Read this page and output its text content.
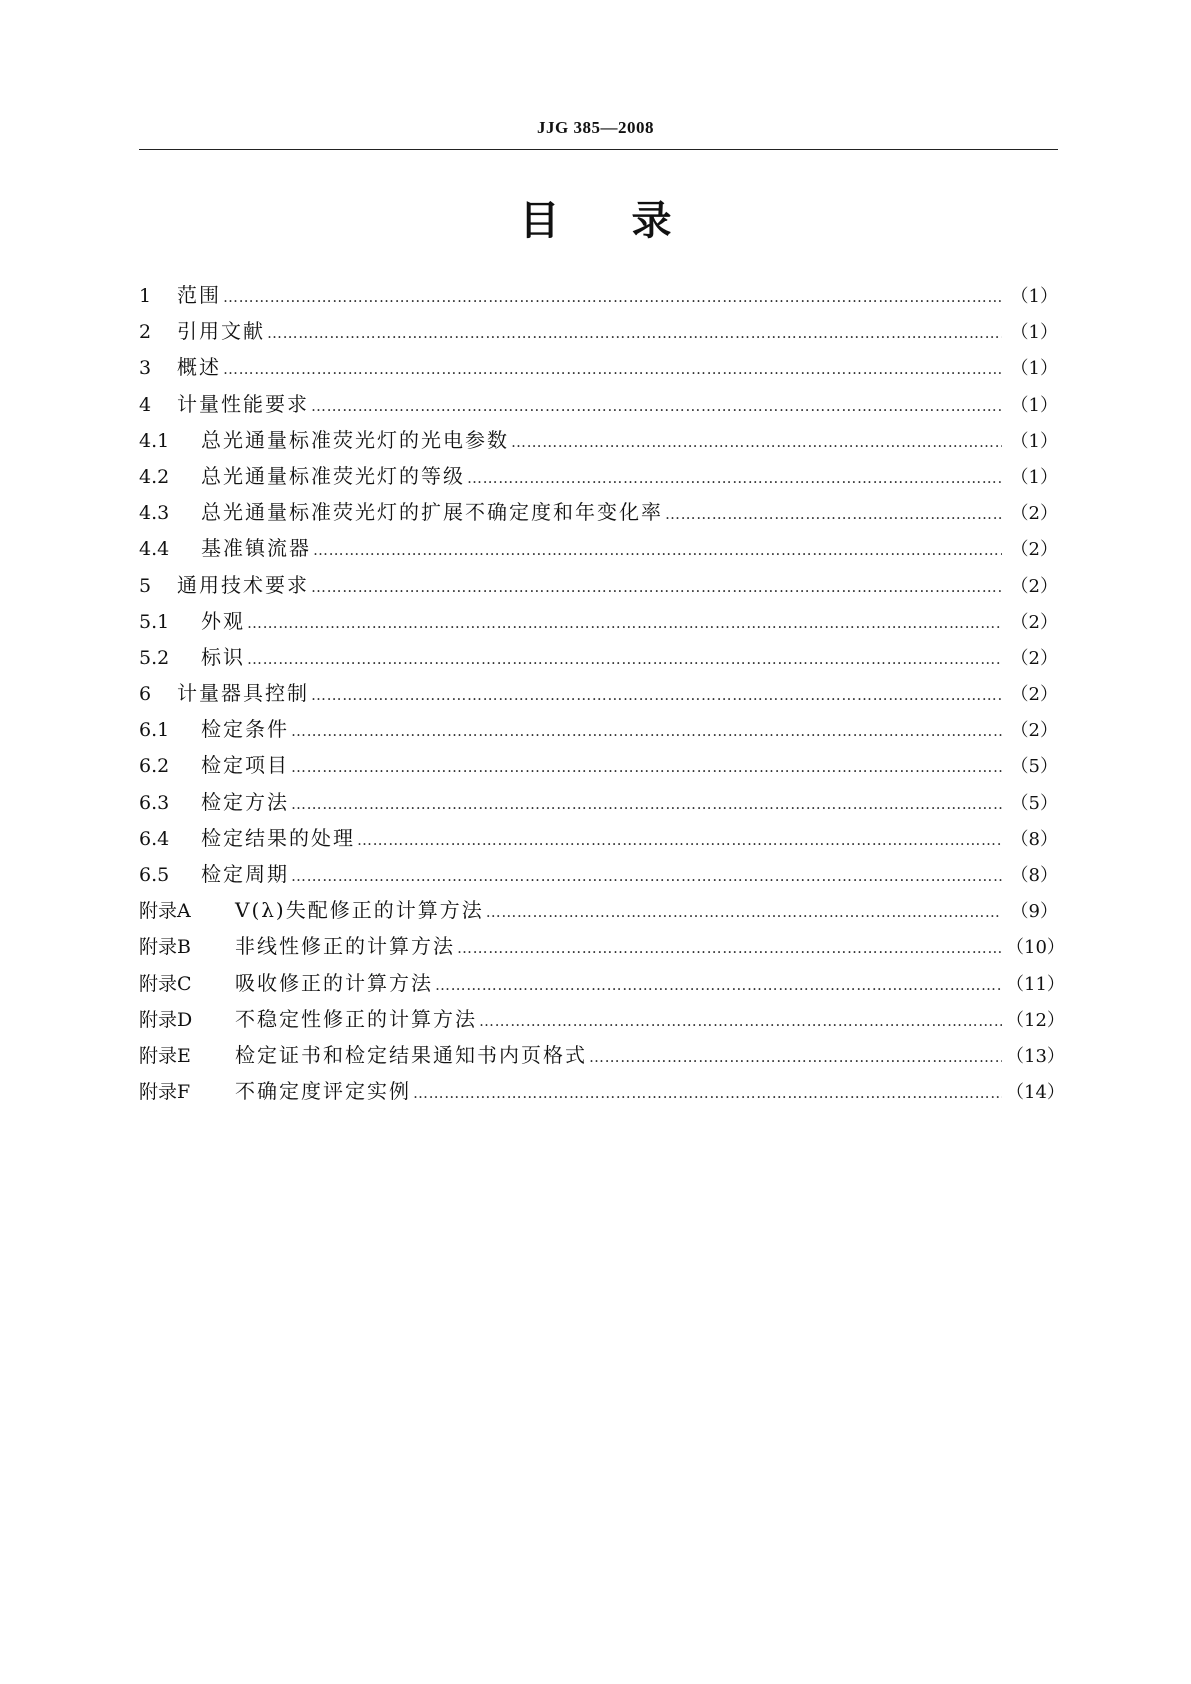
JJG 385—2008
目录
1	范围 ……………………………………………………………………………………………………………………………………………………………………………………	（1）
2	引用文献 ……………………………………………………………………………………………………………………………………………………………………………………	（1）
3	概述 ……………………………………………………………………………………………………………………………………………………………………………………	（1）
4	计量性能要求 ……………………………………………………………………………………………………………………………………………………………………………………	（1）
4.1	总光通量标准荧光灯的光电参数 ……………………………………………………………………………………………………………………………………………………………………………………	（1）
4.2	总光通量标准荧光灯的等级 ……………………………………………………………………………………………………………………………………………………………………………………	（1）
4.3	总光通量标准荧光灯的扩展不确定度和年变化率 ……………………………………………………………………………………………………………………………………………………………………………………	（2）
4.4	基准镇流器 ……………………………………………………………………………………………………………………………………………………………………………………	（2）
5	通用技术要求 ……………………………………………………………………………………………………………………………………………………………………………………	（2）
5.1	外观 ……………………………………………………………………………………………………………………………………………………………………………………	（2）
5.2	标识 ……………………………………………………………………………………………………………………………………………………………………………………	（2）
6	计量器具控制 ……………………………………………………………………………………………………………………………………………………………………………………	（2）
6.1	检定条件 ……………………………………………………………………………………………………………………………………………………………………………………	（2）
6.2	检定项目 ……………………………………………………………………………………………………………………………………………………………………………………	（5）
6.3	检定方法 ……………………………………………………………………………………………………………………………………………………………………………………	（5）
6.4	检定结果的处理 ……………………………………………………………………………………………………………………………………………………………………………………	（8）
6.5	检定周期 ……………………………………………………………………………………………………………………………………………………………………………………	（8）
附录A	V(λ)失配修正的计算方法 ……………………………………………………………………………………………………………………………………………………………………………………	（9）
附录B	非线性修正的计算方法 ……………………………………………………………………………………………………………………………………………………………………………………	（10）
附录C	吸收修正的计算方法 ……………………………………………………………………………………………………………………………………………………………………………………	（11）
附录D	不稳定性修正的计算方法 ……………………………………………………………………………………………………………………………………………………………………………………	（12）
附录E	检定证书和检定结果通知书内页格式 ……………………………………………………………………………………………………………………………………………………………………………………	（13）
附录F	不确定度评定实例 ……………………………………………………………………………………………………………………………………………………………………………………	（14）
